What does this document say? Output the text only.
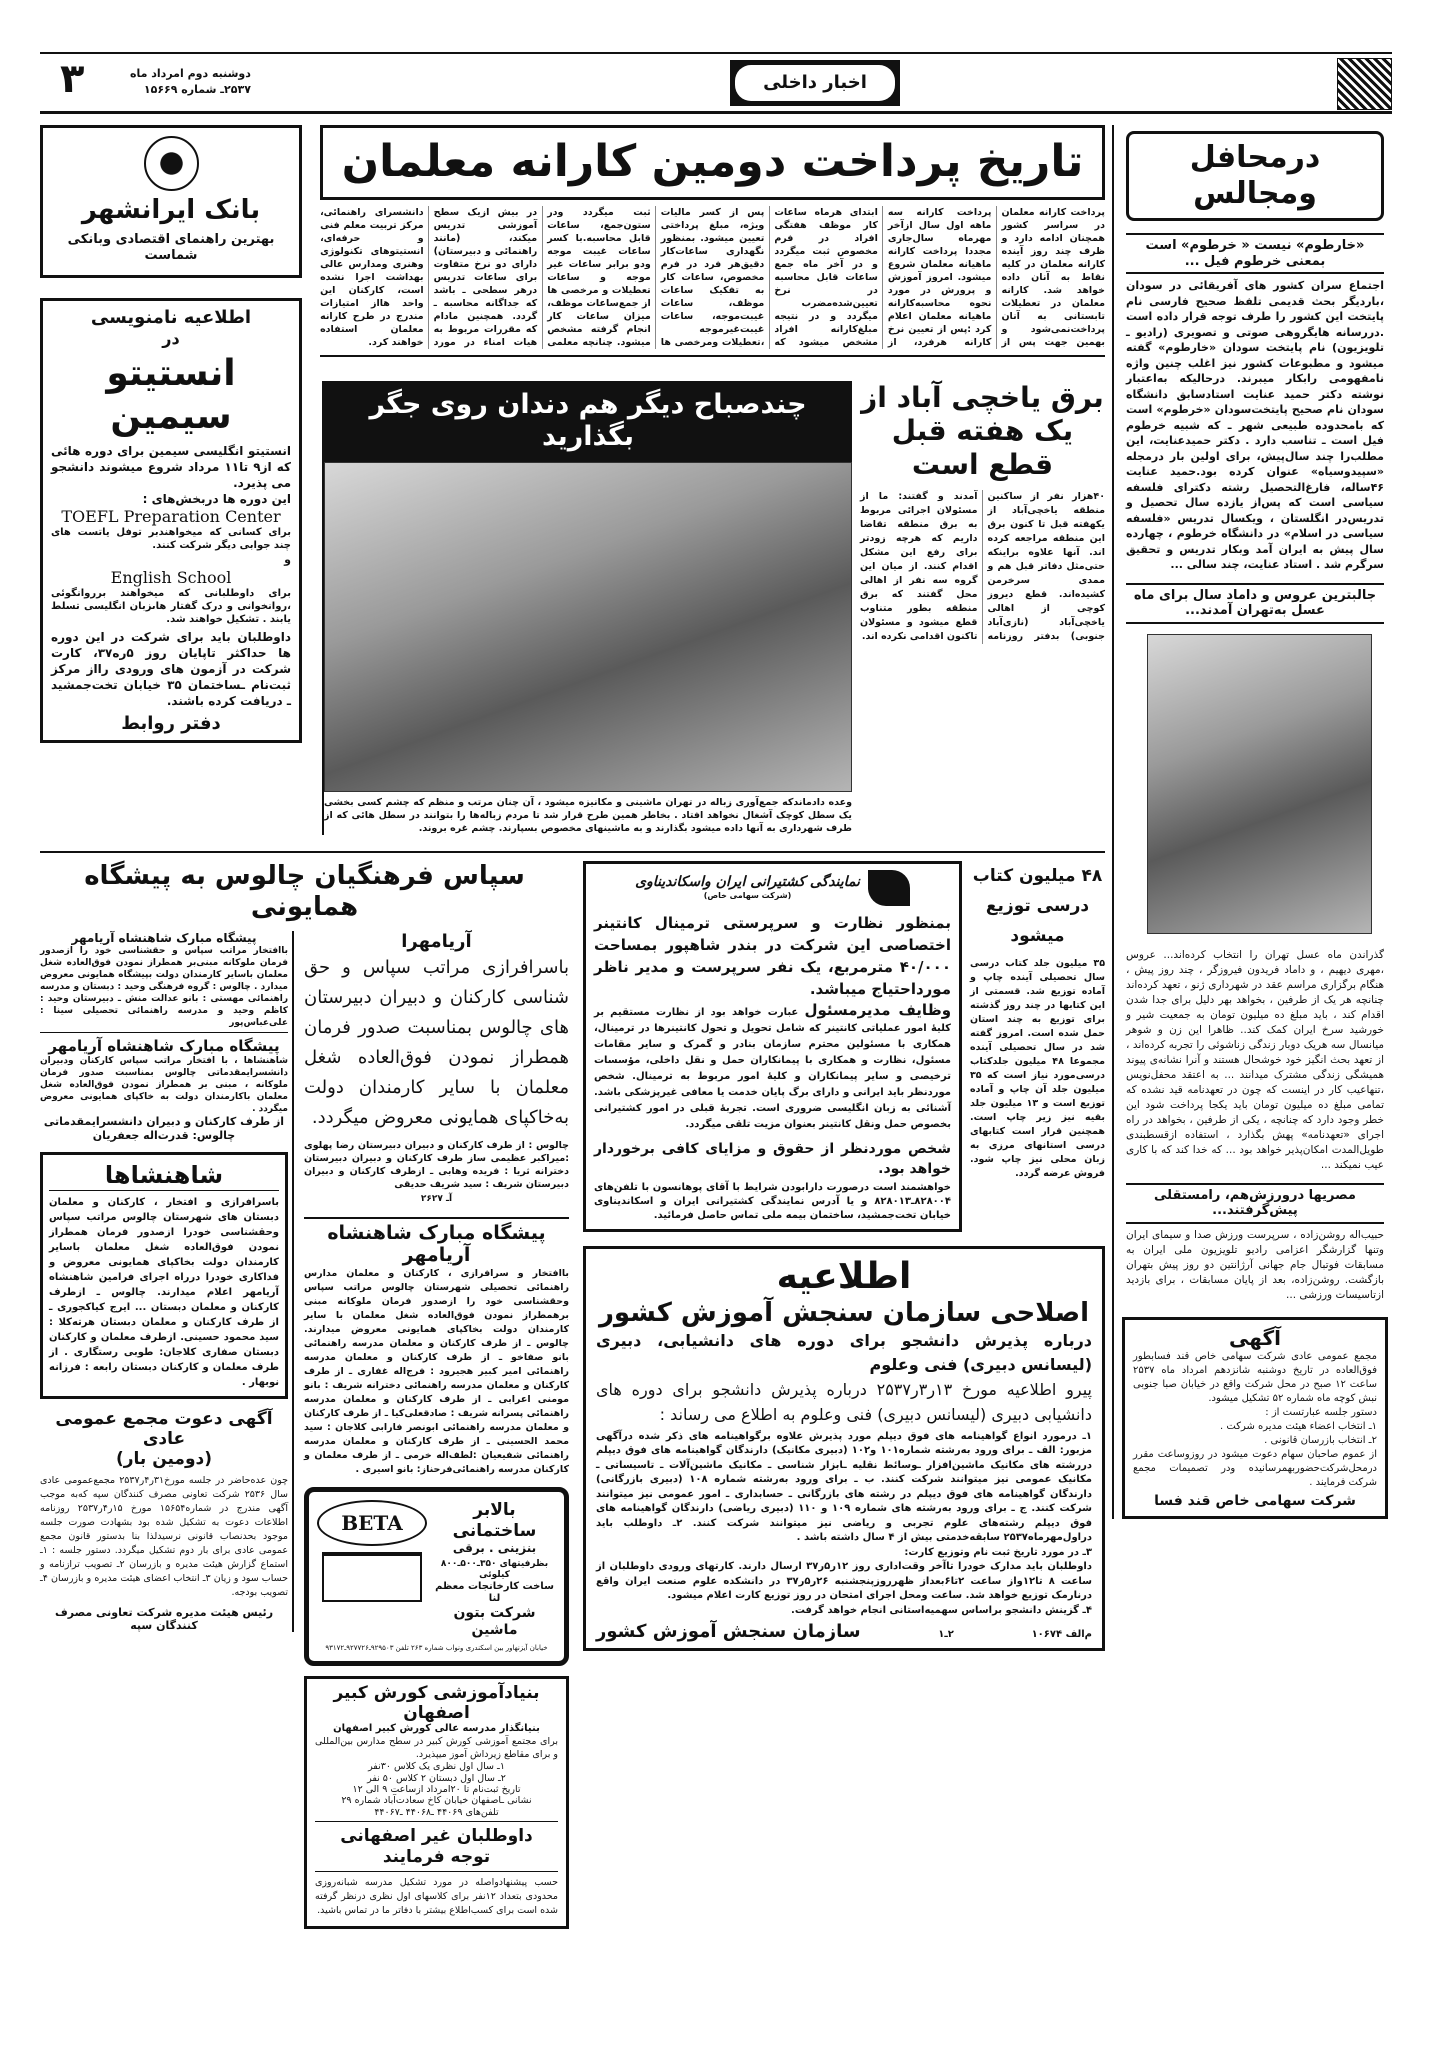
اخبار داخلی
دوشنبه دوم امرداد ماه
۲۵۳۷ـ شماره ۱۵۶۶۹
۳
درمحافل ومجالس
«خارطوم» نیست « خرطوم» است بمعنی خرطوم فیل ...
اجتماع سران کشور های آفریقائی در سودان ،باردیگر بحث قدیمی تلفظ صحیح فارسی نام پایتخت این کشور را طرف توجه قرار داده است .دررسانه هایگروهی صوتی و تصویری (رادیو ـ تلویزیون) نام پایتخت سودان «خارطوم» گفته میشود و مطبوعات کشور نیز اغلب چنین واژه نامفهومی رابکار میبرند. درحالیکه به‌اعتبار نوشته دکتر حمید عنایت استادسابق دانشگاه سودان نام صحیح پایتخت‌سودان «خرطوم» است که بامحدوده طبیعی شهر ـ که شبیه خرطوم فیل است ـ تناسب دارد . دکتر حمیدعنایت، این مطلب‌را چند سال‌پیش، برای اولین بار درمجله «سپیدوسیاه» عنوان کرده بود.حمید عنایت ۴۶ساله، فارغ‌التحصیل رشته دکترای فلسفه سیاسی است که پس‌از یازده سال تحصیل و تدریس‌در انگلستان ، ویکسال تدریس «فلسفه سیاسی در اسلام» در دانشگاه خرطوم ، چهارده سال پیش به ایران آمد وبکار تدریس و تحقیق سرگرم شد . استاد عنایت، چند سالی ...
جالبترین عروس و داماد سال برای ماه عسل به‌تهران آمدند...
گذراندن ماه عسل تهران را انتخاب کرده‌اند... عروس ،مهری دیهیم ، و داماد فریدون فیروزگر ، چند روز پیش ، هنگام برگزاری مراسم عقد در شهرداری ژنو ، تعهد کرده‌اند چنانچه هر یک از طرفین ، بخواهد بهر دلیل برای جدا شدن اقدام کند ، باید مبلغ ده میلیون تومان به جمعیت شیر و خورشید سرخ ایران کمک کند.. ظاهرا این زن و شوهر میانسال سه هریک دوبار زندگی زناشوئی را تجربه کرده‌اند ، از تعهد بحث انگیز خود خوشحال هستند و آنرا نشانه‌ی پیوند همیشگی زندگی مشترک میدانند ... به اعتقد محفل‌نویس ،تنهاعیب کار در اینست که چون در تعهدنامه قید نشده که تمامی مبلغ ده میلیون تومان باید یکجا پرداخت شود این خطر وجود دارد که چنانچه ، یکی از طرفین ، بخواهد در راه اجرای «تعهدنامه» پهش بگذارد ، استفاده ازقسطبندی طویل‌المدت امکان‌پذیر خواهد بود ... که خدا کند که با کاری عیب نمیکند ...
مصریها درورزش‌هم، رامستقلی پیش‌گرفتند...
حبیب‌اله روشن‌زاده ، سرپرست ورزش صدا و سیمای ایران وتنها گزارشگر اعزامی رادیو تلویزیون ملی ایران به مسابقات فوتبال جام جهانی آرژانتین دو روز پیش بتهران بازگشت. روشن‌زاده، بعد از پایان مسابقات ، برای بازدید ازتاسیسات ورزشی ...
آگهی
مجمع عمومی عادی شرکت سهامی خاص قند فسابطور فوق‌العاده در تاریخ دوشنبه شانزدهم امرداد ماه ۲۵۳۷ ساعت ۱۲ صبح در محل شرکت واقع در خیابان صبا جنوبی نبش کوچه ماه شماره ۵۲ تشکیل میشود.
دستور جلسه عبارتست از :
۱ـ انتخاب اعضاء هیئت مدیره شرکت .
۲ـ انتخاب بازرسان قانونی .
از عموم صاحبان سهام دعوت میشود در روزوساعت مقرر درمحل‌شرکت‌حضوربهمرسانیده ودر تصمیمات مجمع شرکت فرمایند .
شرکت سهامی خاص قند فسا
تاریخ پرداخت دومین کارانه معلمان
پرداخت کارانه معلمان در سراسر کشور همچنان ادامه دارد و ظرف چند روز آینده کارانه معلمان در کلیه نقاط به آنان داده خواهد شد. کارانه معلمان در تعطیلات تابستانی به آنان پرداخت‌نمی‌شود و بهمین جهت پس از پرداخت کارانه سه ماهه اول سال ازآخر مهرماه سال‌جاری مجددا پرداخت کارانه ماهیانه معلمان شروع میشود. امروز آموزش و پرورش در مورد نحوه محاسبه‌کارانه ماهیانه معلمان اعلام کرد :پس از تعیین نرخ کارانه هرفرد، از ابتدای هرماه ساعات کار موظف هفتگی افراد در فرم مخصوص ثبت میگردد و در آخر ماه جمع ساعات قابل محاسبه در نرخ تعیین‌شده‌مضرب میگردد و در نتیجه مبلغ‌کارانه افراد مشخص میشود که پس از کسر مالیات ویژه، مبلغ پرداختی تعیین میشود. بمنظور نگهداری ساعات‌کار دقیق‌هر فرد در فرم مخصوص، ساعات کار به تفکیک ساعات موظف، ساعات غیبت‌موجه، ساعات غیبت‌غیرموجه ،تعطیلات ومرخصی ها ثبت میگردد ودر ستون‌جمع، ساعات قابل محاسبه.با کسر ساعات غیبت موجه ودو برابر ساعات غیر موجه و ساعات تعطیلات و مرخصی ها از جمع‌ساعات موظف، میزان ساعات کار انجام گرفته مشخص میشود. چنانچه معلمی در بیش ازیک سطح آموزشی تدریس میکند، (مانند راهنمائی و دبیرستان) دارای دو نرخ متفاوت برای ساعات تدریس درهر سطحی ـ باشد که جداگانه محاسبه ـ گردد. همچنین مادام که مقررات مربوط به هیات امناء در مورد دانشسرای راهنمائی، مرکز تربیت معلم فنی و حرفه‌ای، انستیتوهای تکنولوژی وهنری ومدارس عالی بهداشت اجرا نشده است، کارکنان این واحد هااز امتیازات مندرج در طرح کارانه معلمان استفاده خواهند کرد.
برق یاخچی آباد از یک هفته قبل قطع است
۴۰هزار نفر از ساکنین منطقه یاخچی‌آباد از یکهفته قبل تا کنون برق این منطقه مراجعه کرده ‌اند. آنها علاوه براینکه حتی‌مثل دفاتر قبل هم و ممدی سرخرمن کشیده‌اند. قطع دیروز کوچی از اهالی یاخچی‌آباد (نازی‌آباد جنوبی) بدفتر روزنامه آمدند و گفتند: ما از مسئولان اجرائی مربوط به برق منطقه تقاضا داریم که هرچه زودتر برای رفع این مشکل اقدام کنند. از میان این گروه سه نفر از اهالی محل گفتند که برق منطقه بطور متناوب قطع میشود و مسئولان تاکنون اقدامی نکرده اند.
چندصباح دیگر هم دندان روی جگر بگذارید
وعده دادماندکه جمع‌آوری زباله در تهران ماشینی و مکانیزه میشود ، آن چنان مرتب و منظم که چشم کسی بخشی یک سطل کوچک آشغال نخواهد افتاد . بخاطر همین طرح قرار شد تا مردم زباله‌ها را بتوانند در سطل هائی که از طرف شهرداری به آنها داده میشود بگذارند و به ماشینهای مخصوص بسپارند. چشم غره بروند.
بانک ایرانشهر
بهترین راهنمای اقتصادی وبانکی شماست
اطلاعیه نامنویسی
در
انستیتو سیمین
انستیتو انگلیسی سیمین برای دوره هائی که از۹ تا۱۱ مرداد شروع میشوند دانشجو می پذیرد.
این دوره ها دربخش‌های :
TOEFL Preparation Center
برای کسانی که میخواهندبر توفل یاتست های چند جوابی دیگر شرکت کنند.
و
English School
برای داوطلبانی که میخواهند برروانگوئی ،روانخوانی و درک گفتار هاىزبان انگلیسی تسلط یابند . تشکیل خواهند شد.
داوطلبان باید برای شرکت در این دوره ها حداکثر تاپایان روز ۵ره۳۷، کارت شرکت در آزمون های ورودی رااز مرکز ثبت‌نام ـساختمان ۳۵ خیابان تخت‌جمشید ـ دریافت کرده باشند.
دفتر روابط
۴۸ میلیون کتاب درسی توزیع میشود
۳۵ میلیون جلد کتاب درسی سال تحصیلی آینده چاپ و آماده توزیع شد. قسمتی از این کتابها در چند روز گذشته برای توزیع به چند استان حمل شده است. امروز گفته شد در سال تحصیلی آینده مجموعا ۴۸ میلیون جلدکتاب درسی‌مورد نیاز است که ۳۵ میلیون جلد آن چاپ و آماده توزیع است و ۱۳ میلیون جلد بقیه نیز زیر چاپ است. همچنین قرار است کتابهای درسی استانهای مرزی به زبان محلی نیز چاپ شود. فروش عرضه گردد.
نمایندگی کشتیرانی ایران واسکاندیناوی
(شرکت سهامی خاص)
بمنظور نظارت و سرپرستی ترمینال کانتینر اختصاصی این شرکت در بندر شاهپور بمساحت ۴۰/۰۰۰ مترمربع، یک نفر سرپرست و مدیر ناظر مورداحتیاج میباشد.
وظایف مدیرمسئول عبارت خواهد بود از نظارت مستقیم بر کلیهٔ امور عملیاتی کانتینر که شامل تحویل و تحول کانتینرها در ترمینال، همکاری با مسئولین محترم سازمان بنادر و گمرک و سایر مقامات مسئول، نظارت و همکاری با پیمانکاران حمل و نقل داخلی، مؤسسات ترخیصی و سایر پیمانکاران و کلیهٔ امور مربوط به ترمینال. شخص موردنظر باید ایرانی و دارای برگ پایان خدمت یا معافی غیرپزشکی باشد. آشنائی به زبان انگلیسی ضروری است. تجربهٔ قبلی در امور کشتیرانی بخصوص حمل ونقل کانتینر بعنوان مزیت تلقی میگردد.
شخص موردنظر از حقوق و مزایای کافی برخوردار خواهد بود.
خواهشمند است درصورت دارابودن شرایط با آقای پوهانسون با تلفن‌های ۸۲۸۰۰۴ـ۸۲۸۰۱۳ و یا آدرس نمایندگی کشتیرانی ایران و اسکاندیناوی خیابان تخت‌جمشید، ساختمان بیمه ملی تماس حاصل فرمائید.
اطلاعیه
اصلاحی سازمان سنجش آموزش کشور
درباره پذیرش دانشجو برای دوره های دانشیابی، دبیری (لیسانس دبیری) فنی وعلوم
پیرو اطلاعیه مورخ ۱۳ر۳ر۲۵۳۷ درباره پذیرش دانشجو برای دوره های دانشیابی دبیری (لیسانس دبیری) فنی وعلوم به اطلاع می رساند :
۱ـ درمورد انواع گواهینامه های فوق دیپلم مورد پذیرش علاوه برگواهینامه های ذکر شده درآگهی مزبور: الف ـ برای ورود به‌رشته شماره۱۰۱ و۱۰۲ (دبیری مکانیک) دارندگان گواهینامه های فوق دیپلم دررشته های مکانیک ماشین‌افزار ـوسائط نقلیه ـابزار شناسی ـ مکانیک ماشین‌آلات ـ تاسیساتی ـ مکانیک عمومی نیز میتوانند شرکت کنند. ب ـ برای ورود به‌رشته شماره ۱۰۸ (دبیری بازرگانی) دارندگان گواهینامه های فوق دیپلم در رشته های بازرگانی ـ حسابداری ـ امور عمومی نیز میتوانند شرکت کنند. ج ـ برای ورود به‌رشته های شماره ۱۰۹ و ۱۱۰ (دبیری ریاضی) دارندگان گواهینامه های فوق دیپلم رشته‌های علوم تجربی و ریاضی نیز میتوانند شرکت کنند. ۲ـ داوطلب باید دراول‌مهرماه۲۵۳۷ سابقه‌خدمتی بیش از ۴ سال داشته باشد .
۳ـ در مورد تاریخ ثبت نام وتوزیع کارت:
داوطلبان باید مدارک خودرا تاآخر وقت‌اداری روز ۱۲ر۵ر۳۷ ارسال دارند. کارتهای ورودی داوطلبان از ساعت ۸ تا۱۲واز ساعت ۲تا۶بعداز ظهرروزپنجشنبه ۲۶ر۵ر۳۷ در دانشکده علوم صنعت ایران واقع درنارمک توزیع خواهد شد. ساعت ومحل اجرای امتحان در روز توزیع کارت اعلام میشود.
۴ـ گزینش دانشجو براساس سهمیه‌استانی انجام خواهد گرفت.
م‌الف ۱۰۶۷۴
۲ـ۱
سازمان سنجش آموزش کشور
سپاس فرهنگیان چالوس به پیشگاه همایونی
آریامهرا
باسرافرازی مراتب سپاس و حق شناسی کارکنان و دبیران دبیرستان های چالوس بمناسبت صدور فرمان همطراز نمودن فوق‌العاده شغل معلمان با سایر کارمندان دولت به‌خاکپای همایونی معروض میگردد.
چالوس : از طرف کارکنان و دبیران دبیرستان رضا پهلوی :میراکبر عظیمی ساز طرف کارکنان و دبیران دبیرستان دخترانه ثریا : فریده وهابی ـ ازطرف کارکنان و دبیران دبیرستان شریف : سید شریف حدیقی
آـ ۲۶۲۷
پیشگاه مبارک شاهنشاه آریامهر
باافتخار و سرافرازی ، کارکنان و معلمان مدارس راهنمائی تحصیلی شهرستان چالوس مراتب سپاس وحقشناسی خود را ازصدور فرمان ملوکانه مبنی برهمطراز نمودن فوق‌العاده شغل معلمان با سایر کارمندان دولت بخاکپای همایونی معروض میدارند. چالوس ـ از طرف کارکنان و معلمان مدرسه راهنمائی بانو صفاخو ـ از طرف کارکنان و معلمان مدرسه راهنمائی امیر کبیر هجیرود : فرج‌اله غفاری ـ از طرف کارکنان و معلمان مدرسه راهنمائی دخترانه شریف : بانو مومنی اعرابی ـ از طرف کارکنان و معلمان مدرسه راهنمائی پسرانه شریف : صادقعلی‌کیا ـ از طرف کارکنان و معلمان مدرسه راهنمائی ابونصر فارابی کلاجان : سید محمد الحسینی ـ از طرف کارکنان و معلمان مدرسه راهنمائی شفیعیان :لطف‌اله خرمی ـ از طرف معلمان و کارکنان مدرسه راهنمائی‌فرحناز: بانو اسیری .
بالابر ساختمانی
بنزینی . برقی
بظرفیتهای ۳۵۰ـ۵۰۰ـ۸۰۰ کیلوئی
ساخت کارخانجات معظم لنا
شرکت بتون ماشین
BETA
خیابان آیزنهاور بین اسکندری ونواب شماره ۲۶۳ تلفن ۹۲۹۵۰۳ـ۹۲۷۷۲۶ـ۹۳۱۷۲
بنیادآموزشی کورش کبیر اصفهان
بنیانگذار مدرسه عالی کورش کبیر اصفهان
برای مجتمع آموزشی کورش کبیر در سطح مدارس بین‌المللی و برای مقاطع زیرداش آموز میپذیرد.
۱ـ سال اول نظری یک کلاس ۳۰نفر
۲ـ سال اول دبستان ۲ کلاس ۵۰ نفر
تاریخ ثبت‌نام تا ۲۰امرداد ازساعت ۹ الی ۱۲
نشانی ـاصفهان خیابان کاخ سعادت‌آباد شماره ۲۹
تلفن‌های ۴۴۰۶۹ ـ۴۴۰۶۸ ـ۴۴۰۶۷
داوطلبان غیر اصفهانی توجه فرمایند
حسب پیشنهادواصله در مورد تشکیل مدرسه شبانه‌روزی محدودی بتعداد ۱۲نفر برای کلاسهای اول نظری درنظر گرفته شده است برای کسب‌اطلاع بیشتر با دفاتر ما در تماس باشید.
پیشگاه مبارک شاهنشاه آریامهر
باافتخار مراتب سپاس و حقشناسی خود را ازصدور فرمان ملوکانه مبنی‌بر همطراز نمودن فوق‌العاده شغل معلمان باسایر کارمندان دولت بپیشگاه همایونی معروض میدارد . چالوس : گروه فرهنگی وحید : دبستان و مدرسه راهنمائی مهستی : بانو عدالت منش ـ دبیرستان وحید : کاظم وحید و مدرسه راهنمائی تحصیلی سینا : علی‌عباس‌پور
پیشگاه مبارک شاهنشاه آریامهر
شاهنشاها ، با افتخار مراتب سپاس کارکنان ودبیران دانشسرایمقدماتی چالوس بمناسبت صدور فرمان ملوکانه ، مبنی بر همطراز نمودن فوق‌العاده شغل معلمان باکارمندان دولت به خاکپای همایونی معروض میگردد .
از طرف کارکنان و دبیران دانشسرایمقدماتی چالوس: قدرت‌اله جعفریان
شاهنشاها
باسرافرازی و افتخار ، کارکنان و معلمان دبستان های شهرستان چالوس مراتب سپاس وحقشناسی خودرا ازصدور فرمان همطراز نمودن فوق‌العاده شغل معلمان باسایر کارمندان دولت بخاکپای همایونی معروض و فداکاری خودرا درراه اجرای فرامین شاهنشاه آریامهر اعلام میدارند. چالوس ـ ازطرف کارکنان و معلمان دبستان ... ایرج کیاکجوری ـ از طرف کارکنان و معلمان دبستان هرته‌کلا : سید محمود حسینی. ازطرف معلمان و کارکنان دبستان صفاری کلاجان: طوبی رستگاری . از طرف معلمان و کارکنان دبستان رابعه : فرزانه نوبهار .
آگهی دعوت مجمع عمومی عادی
(دومین بار)
چون عده‌حاضر در جلسه مورخ۳۱ر۴ر۲۵۳۷ مجمع‌عمومی عادی سال ۲۵۳۶ شرکت تعاونی مصرف کنندگان سپه که‌به موجب آگهی مندرج در شماره‌۱۵۶۵۴ مورخ ۱۵ر۴ر۲۵۳۷ روزنامه اطلاعات دعوت به تشکیل شده بود بشهادت صورت جلسه موجود بحدنصاب قانونی نرسیدلذا بنا بدستور قانون مجمع عمومی عادی برای بار دوم تشکیل میگردد. دستور جلسه : ۱ـ استماع گزارش هیئت مدیره و بازرسان ۲ـ تصویب ترازنامه و حساب سود و زیان ۳ـ انتخاب اعضای هیئت مدیره و بازرسان ۴ـ تصویب بودجه.
رئیس هیئت مدیره شرکت تعاونی مصرف کنندگان سپه
